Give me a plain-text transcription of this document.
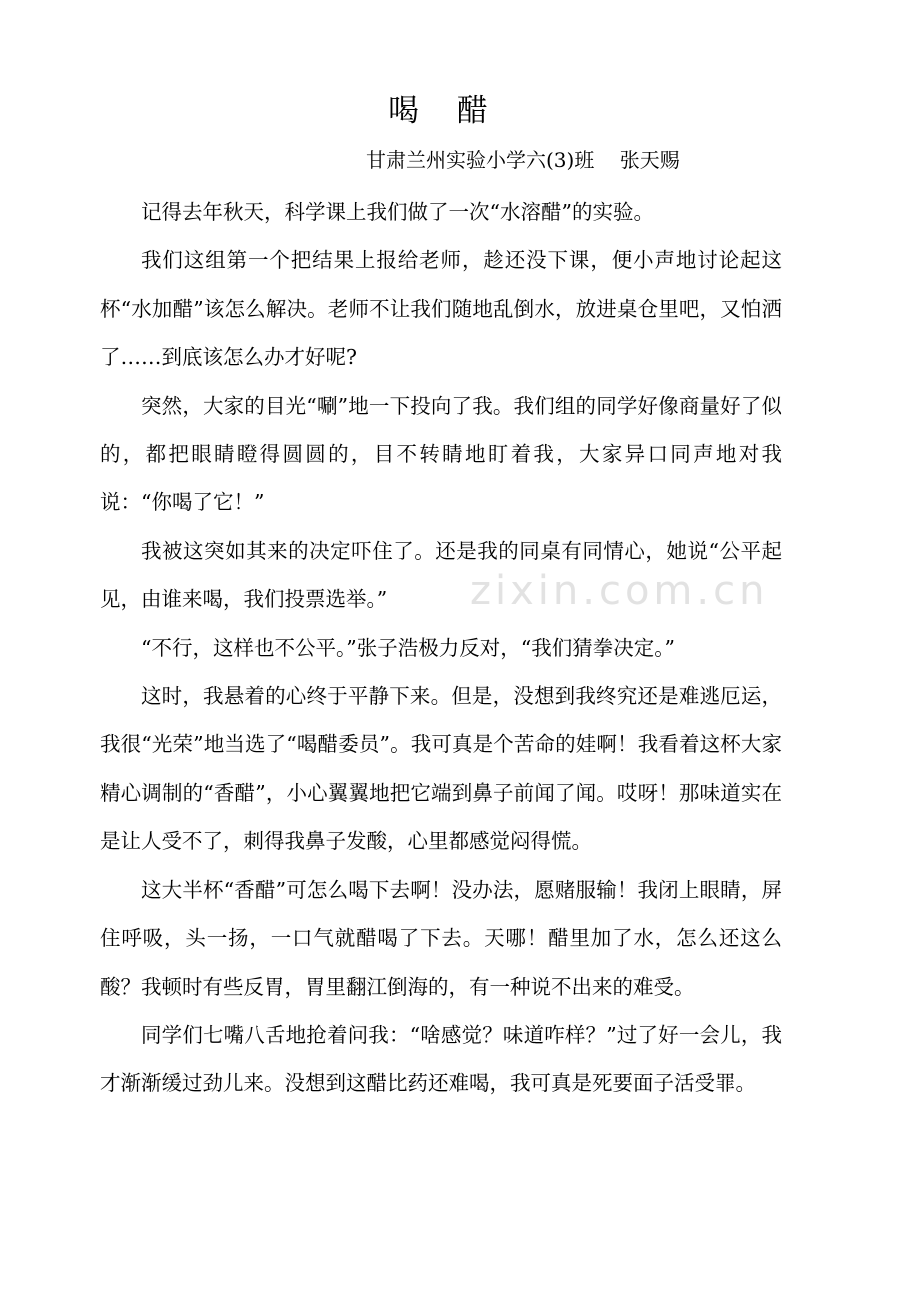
zixin.com.cn
喝 醋
甘肃兰州实验小学六(3)班    张天赐

记得去年秋天，科学课上我们做了一次“水溶醋”的实验。

我们这组第一个把结果上报给老师，趁还没下课，便小声地讨论起这杯“水加醋”该怎么解决。老师不让我们随地乱倒水，放进桌仓里吧，又怕洒了……到底该怎么办才好呢?

突然，大家的目光“唰”地一下投向了我。我们组的同学好像商量好了似的，都把眼睛瞪得圆圆的，目不转睛地盯着我，大家异口同声地对我说：“你喝了它！”

我被这突如其来的决定吓住了。还是我的同桌有同情心，她说“公平起见，由谁来喝，我们投票选举。”

“不行，这样也不公平。”张子浩极力反对，“我们猜拳决定。”

这时，我悬着的心终于平静下来。但是，没想到我终究还是难逃厄运，我很“光荣”地当选了“喝醋委员”。我可真是个苦命的娃啊！我看着这杯大家精心调制的“香醋”，小心翼翼地把它端到鼻子前闻了闻。哎呀！那味道实在是让人受不了，刺得我鼻子发酸，心里都感觉闷得慌。

这大半杯“香醋”可怎么喝下去啊！没办法，愿赌服输！我闭上眼睛，屏住呼吸，头一扬，一口气就醋喝了下去。天哪！醋里加了水，怎么还这么酸？我顿时有些反胃，胃里翻江倒海的，有一种说不出来的难受。

同学们七嘴八舌地抢着问我：“啥感觉？味道咋样？”过了好一会儿，我才渐渐缓过劲儿来。没想到这醋比药还难喝，我可真是死要面子活受罪。
